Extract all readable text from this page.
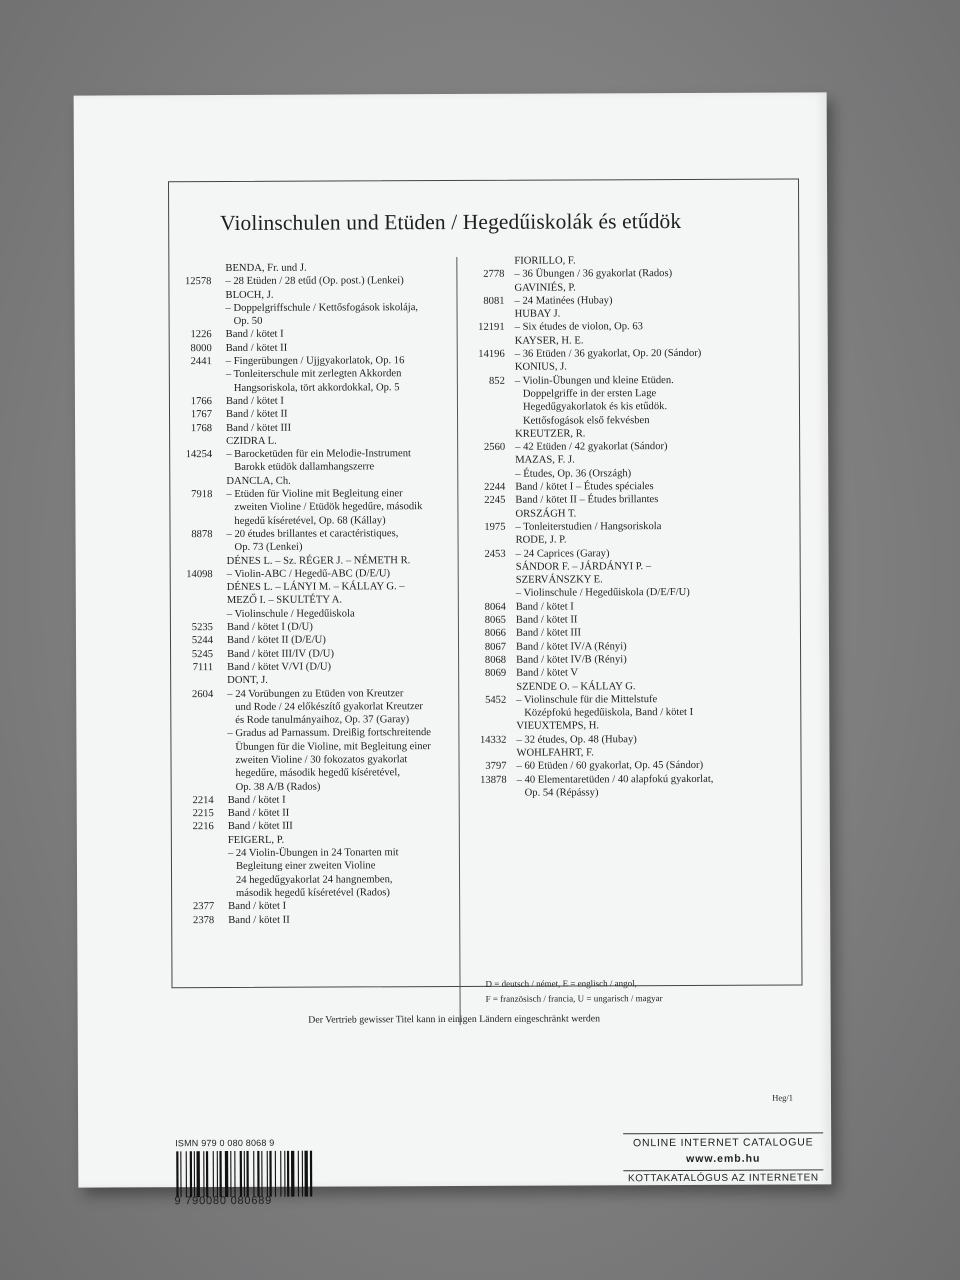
Violinschulen und Etüden / Hegedűiskolák és etűdök
BENDA, Fr. und J.
12578 – 28 Etüden / 28 etűd (Op. post.) (Lenkei)
BLOCH, J.
– Doppelgriffschule / Kettősfogások iskolája,
Op. 50
1226 Band / kötet I
8000 Band / kötet II
2441 – Fingerübungen / Ujjgyakorlatok, Op. 16
– Tonleiterschule mit zerlegten Akkorden
Hangsoriskola, tört akkordokkal, Op. 5
1766 Band / kötet I
1767 Band / kötet II
1768 Band / kötet III
CZIDRA L.
14254 – Barocketüden für ein Melodie-Instrument
Barokk etüdök dallamhangszerre
DANCLA, Ch.
7918 – Etüden für Violine mit Begleitung einer
zweiten Violine / Etüdök hegedűre, második
hegedű kíséretével, Op. 68 (Kállay)
8878 – 20 études brillantes et caractéristiques,
Op. 73 (Lenkei)
DÉNES L. – Sz. RÉGER J. – NÉMETH R.
14098 – Violin-ABC / Hegedű-ABC (D/E/U)
DÉNES L. – LÁNYI M. – KÁLLAY G. –
MEZŐ I. – SKULTÉTY A.
– Violinschule / Hegedűiskola
5235 Band / kötet I (D/U)
5244 Band / kötet II (D/E/U)
5245 Band / kötet III/IV (D/U)
7111 Band / kötet V/VI (D/U)
DONT, J.
2604 – 24 Vorübungen zu Etüden von Kreutzer
und Rode / 24 előkészítő gyakorlat Kreutzer
és Rode tanulmányaihoz, Op. 37 (Garay)
– Gradus ad Parnassum. Dreißig fortschreitende
Übungen für die Violine, mit Begleitung einer
zweiten Violine / 30 fokozatos gyakorlat
hegedűre, második hegedű kíséretével,
Op. 38 A/B (Rados)
2214 Band / kötet I
2215 Band / kötet II
2216 Band / kötet III
FEIGERL, P.
– 24 Violin-Übungen in 24 Tonarten mit
Begleitung einer zweiten Violine
24 hegedűgyakorlat 24 hangnemben,
második hegedű kíséretével (Rados)
2377 Band / kötet I
2378 Band / kötet II
FIORILLO, F.
2778 – 36 Übungen / 36 gyakorlat (Rados)
GAVINIÉS, P.
8081 – 24 Matinées (Hubay)
HUBAY J.
12191 – Six études de violon, Op. 63
KAYSER, H. E.
14196 – 36 Etüden / 36 gyakorlat, Op. 20 (Sándor)
KONIUS, J.
852 – Violin-Übungen und kleine Etüden.
Doppelgriffe in der ersten Lage
Hegedűgyakorlatok és kis etűdök.
Kettősfogások első fekvésben
KREUTZER, R.
2560 – 42 Etüden / 42 gyakorlat (Sándor)
MAZAS, F. J.
– Études, Op. 36 (Országh)
2244 Band / kötet I – Études spéciales
2245 Band / kötet II – Études brillantes
ORSZÁGH T.
1975 – Tonleiterstudien / Hangsoriskola
RODE, J. P.
2453 – 24 Caprices (Garay)
SÁNDOR F. – JÁRDÁNYI P. –
SZERVÁNSZKY E.
– Violinschule / Hegedűiskola (D/E/F/U)
8064 Band / kötet I
8065 Band / kötet II
8066 Band / kötet III
8067 Band / kötet IV/A (Rényi)
8068 Band / kötet IV/B (Rényi)
8069 Band / kötet V
SZENDE O. – KÁLLAY G.
5452 – Violinschule für die Mittelstufe
Középfokú hegedűiskola, Band / kötet I
VIEUXTEMPS, H.
14332 – 32 études, Op. 48 (Hubay)
WOHLFAHRT, F.
3797 – 60 Etüden / 60 gyakorlat, Op. 45 (Sándor)
13878 – 40 Elementaretüden / 40 alapfokú gyakorlat,
Op. 54 (Répássy)
D = deutsch / német, E = englisch / angol,
F = französisch / francia, U = ungarisch / magyar
Der Vertrieb gewisser Titel kann in einigen Ländern eingeschränkt werden
Heg/1
ISMN 979 0 080 8068 9
9 790080 080689
ONLINE INTERNET CATALOGUE
www.emb.hu
KOTTAKATALÓGUS AZ INTERNETEN
